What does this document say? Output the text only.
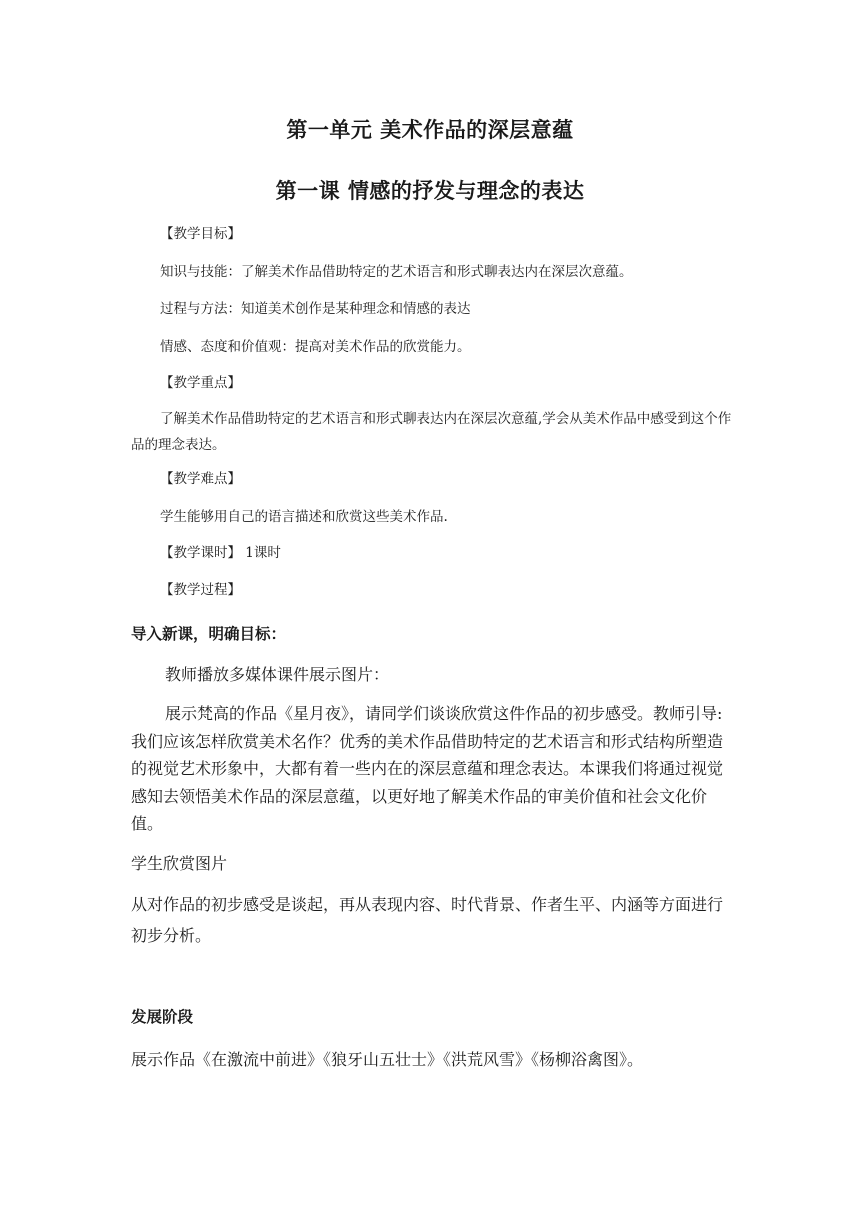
第一单元 美术作品的深层意蕴
第一课 情感的抒发与理念的表达

【教学目标】

知识与技能：了解美术作品借助特定的艺术语言和形式聊表达内在深层次意蕴。

过程与方法：知道美术创作是某种理念和情感的表达

情感、态度和价值观：提高对美术作品的欣赏能力。

【教学重点】

了解美术作品借助特定的艺术语言和形式聊表达内在深层次意蕴,学会从美术作品中感受到这个作品的理念表达。

【教学难点】

学生能够用自己的语言描述和欣赏这些美术作品.

【教学课时】 1课时

【教学过程】

导入新课，明确目标：

教师播放多媒体课件展示图片：

展示梵高的作品《星月夜》，请同学们谈谈欣赏这件作品的初步感受。教师引导:我们应该怎样欣赏美术名作？优秀的美术作品借助特定的艺术语言和形式结构所塑造的视觉艺术形象中，大都有着一些内在的深层意蕴和理念表达。本课我们将通过视觉感知去领悟美术作品的深层意蕴，以更好地了解美术作品的审美价值和社会文化价值。

学生欣赏图片

从对作品的初步感受是谈起，再从表现内容、时代背景、作者生平、内涵等方面进行初步分析。

发展阶段

展示作品《在激流中前进》《狼牙山五壮士》《洪荒风雪》《杨柳浴禽图》。
